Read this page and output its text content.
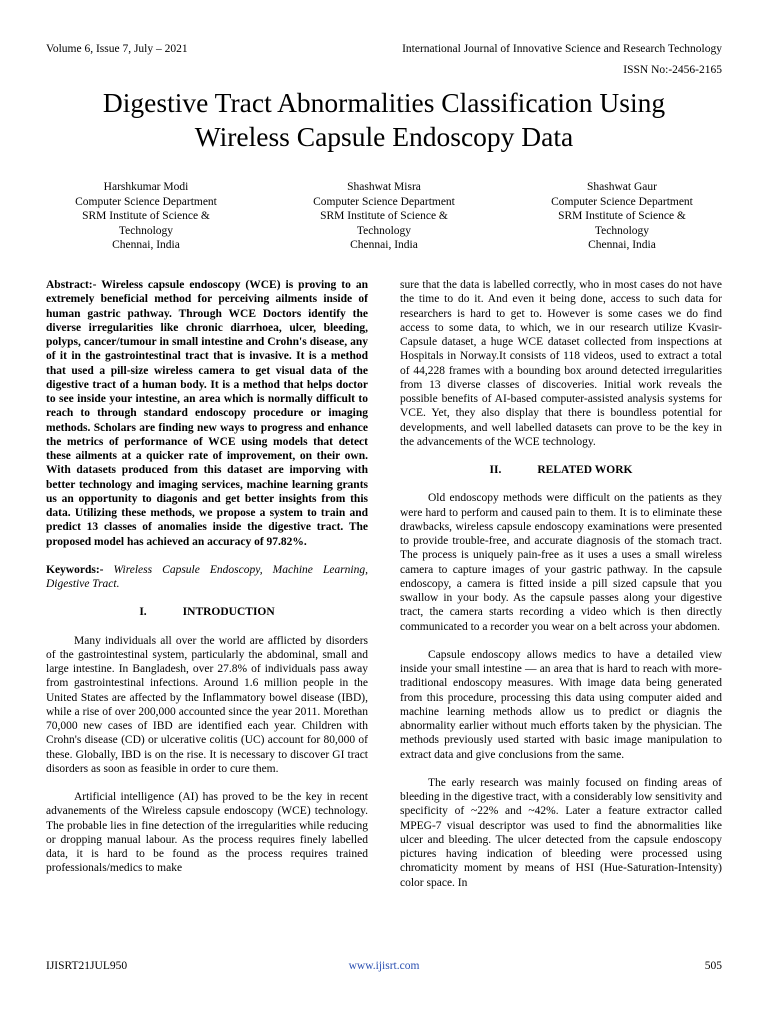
Volume 6, Issue 7, July – 2021	International Journal of Innovative Science and Research Technology
ISSN No:-2456-2165
Digestive Tract Abnormalities Classification Using
Wireless Capsule Endoscopy Data
Harshkumar Modi
Computer Science Department
SRM Institute of Science &
Technology
Chennai, India
Shashwat Misra
Computer Science Department
SRM Institute of Science &
Technology
Chennai, India
Shashwat Gaur
Computer Science Department
SRM Institute of Science &
Technology
Chennai, India

Abstract:- Wireless capsule endoscopy (WCE) is proving to an extremely beneficial method for perceiving ailments inside of human gastric pathway. Through WCE Doctors identify the diverse irregularities like chronic diarrhoea, ulcer, bleeding, polyps, cancer/tumour in small intestine and Crohn's disease, any of it in the gastrointestinal tract that is invasive. It is a method that used a pill-size wireless camera to get visual data of the digestive tract of a human body. It is a method that helps doctor to see inside your intestine, an area which is normally difficult to reach to through standard endoscopy procedure or imaging methods. Scholars are finding new ways to progress and enhance the metrics of performance of WCE using models that detect these ailments at a quicker rate of improvement, on their own. With datasets produced from this dataset are imporving with better technology and imaging services, machine learning grants us an opportunity to diagonis and get better insights from this data. Utilizing these methods, we propose a system to train and predict 13 classes of anomalies inside the digestive tract. The proposed model has achieved an accuracy of 97.82%.

Keywords:- Wireless Capsule Endoscopy, Machine Learning, Digestive Tract.

I.	INTRODUCTION

Many individuals all over the world are afflicted by disorders of the gastrointestinal system, particularly the abdominal, small and large intestine. In Bangladesh, over 27.8% of individuals pass away from gastrointestinal infections. Around 1.6 million people in the United States are affected by the Inflammatory bowel disease (IBD), while a rise of over 200,000 accounted since the year 2011. Morethan 70,000 new cases of IBD are identified each year. Children with Crohn's disease (CD) or ulcerative colitis (UC) account for 80,000 of these. Globally, IBD is on the rise. It is necessary to discover GI tract disorders as soon as feasible in order to cure them.

Artificial intelligence (AI) has proved to be the key in recent advanements of the Wireless capsule endoscopy (WCE) technology. The probable lies in fine detection of the irregularities while reducing or dropping manual labour. As the process requires finely labelled data, it is hard to be found as the process requires trained professionals/medics to make

sure that the data is labelled correctly, who in most cases do not have the time to do it. And even it being done, access to such data for researchers is hard to get to. However is some cases we do find access to some data, to which, we in our research utilize Kvasir-Capsule dataset, a huge WCE dataset collected from inspections at Hospitals in Norway.It consists of 118 videos, used to extract a total of 44,228 frames with a bounding box around detected irregularities from 13 diverse classes of discoveries. Initial work reveals the possible benefits of AI-based computer-assisted analysis systems for VCE. Yet, they also display that there is boundless potential for developments, and well labelled datasets can prove to be the key in the advancements of the WCE technology.

II.	RELATED WORK

Old endoscopy methods were difficult on the patients as they were hard to perform and caused pain to them. It is to eliminate these drawbacks, wireless capsule endoscopy examinations were presented to provide trouble-free, and accurate diagnosis of the stomach tract. The process is uniquely pain-free as it uses a uses a small wireless camera to capture images of your gastric pathway. In the capsule endoscopy, a camera is fitted inside a pill sized capsule that you swallow in your body. As the capsule passes along your digestive tract, the camera starts recording a video which is then directly communicated to a recorder you wear on a belt across your abdomen.

Capsule endoscopy allows medics to have a detailed view inside your small intestine — an area that is hard to reach with more-traditional endoscopy measures. With image data being generated from this procedure, processing this data using computer aided and machine learning methods allow us to predict or diagnis the abnormality earlier without much efforts taken by the physician. The methods previously used started with basic image manipulation to extract data and give conclusions from the same.

The early research was mainly focused on finding areas of bleeding in the digestive tract, with a considerably low sensitivity and specificity of ~22% and ~42%. Later a feature extractor called MPEG-7 visual descriptor was used to find the abnormalities like ulcer and bleeding. The ulcer detected from the capsule endoscopy pictures having indication of bleeding were processed using chromaticity moment by means of HSI (Hue-Saturation-Intensity) color space. In

IJISRT21JUL950	www.ijisrt.com	505
